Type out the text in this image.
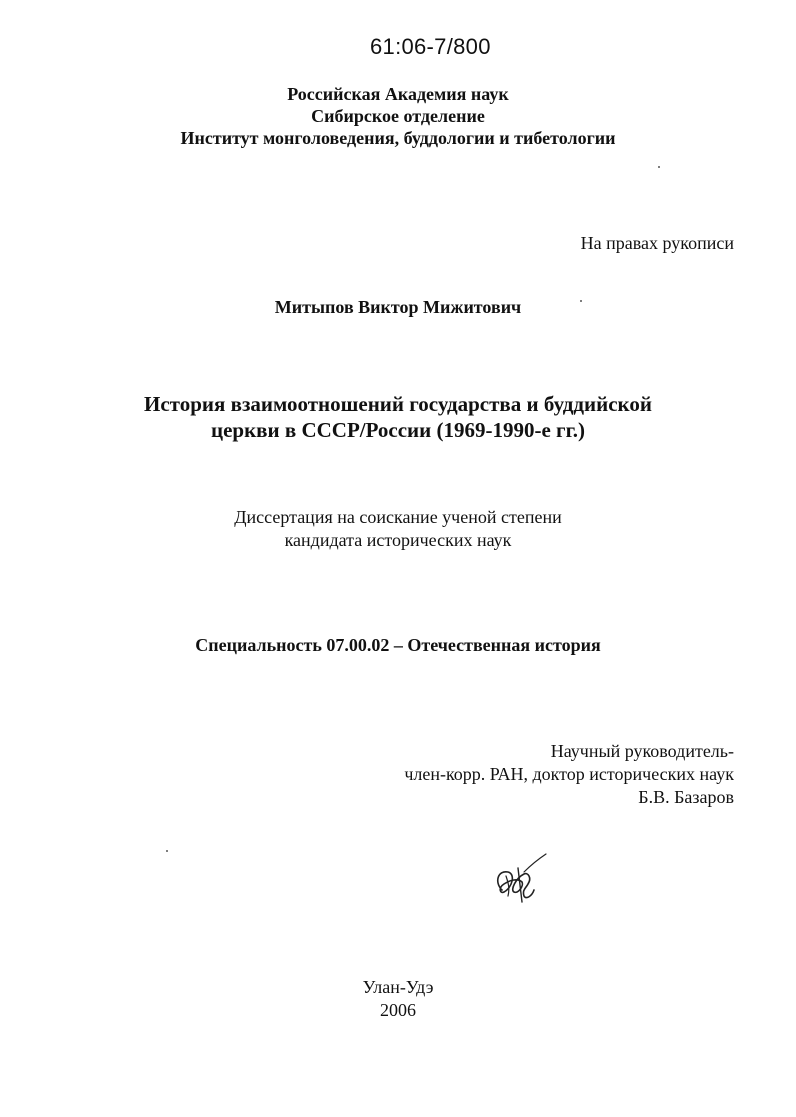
61:06-7/800
Российская Академия наук
Сибирское отделение
Институт монголоведения, буддологии и тибетологии
На правах рукописи
Митыпов Виктор Мижитович
История взаимоотношений государства и буддийской
церкви в СССР/России (1969-1990-е гг.)
Диссертация на соискание ученой степени
кандидата исторических наук
Специальность 07.00.02 – Отечественная история
Научный руководитель-
член-корр. РАН, доктор исторических наук
Б.В. Базаров
Улан-Удэ
2006
